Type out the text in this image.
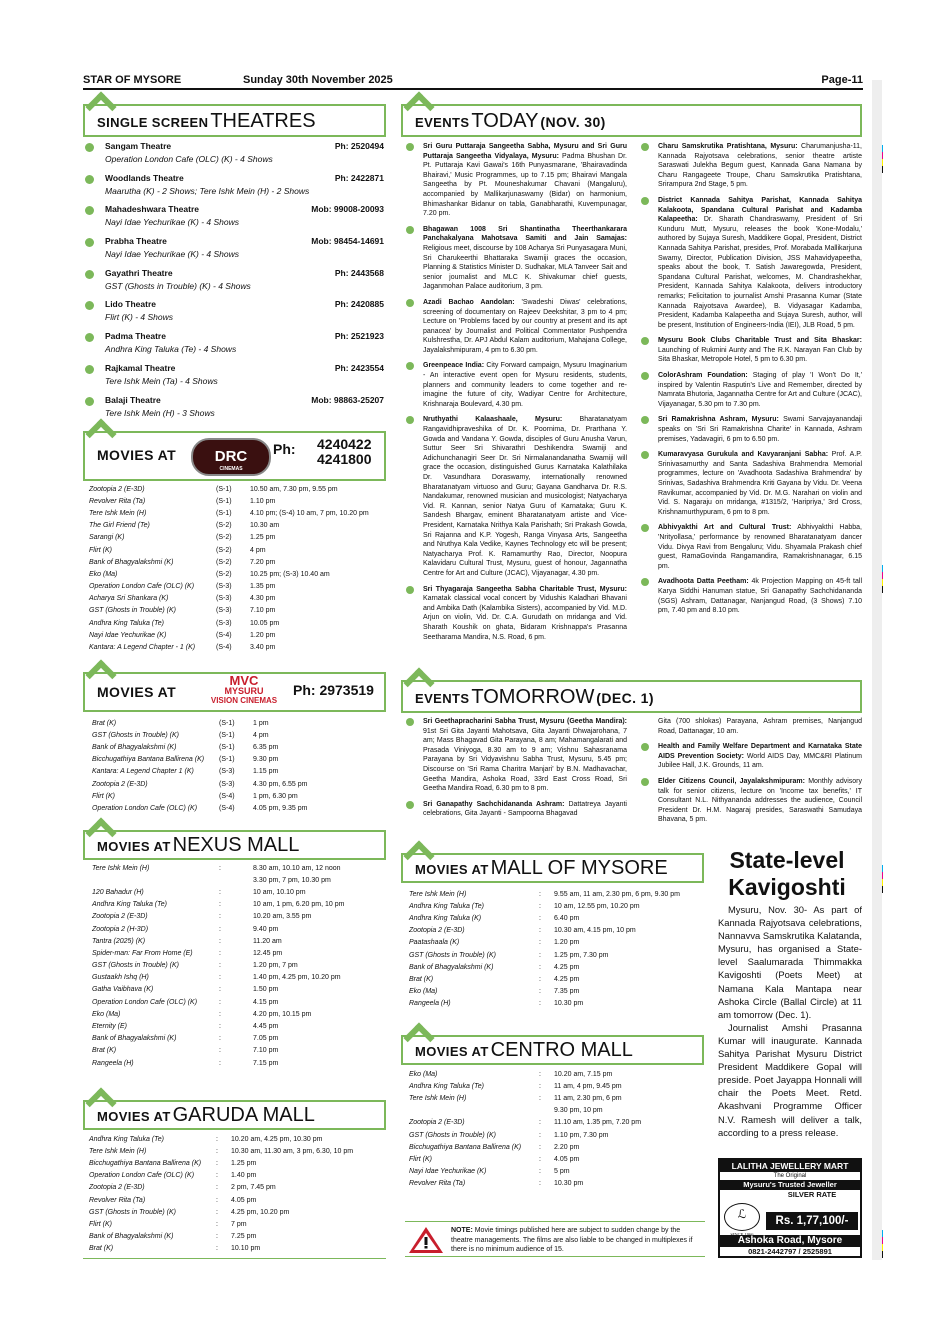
STAR OF MYSORE	Sunday 30th November 2025	Page-11
SINGLE SCREEN THEATRES
Sangam Theatre	Ph: 2520494
Operation London Cafe (OLC) (K) - 4 Shows
Woodlands Theatre	Ph: 2422871
Maarutha (K) - 2 Shows; Tere Ishk Mein (H) - 2 Shows
Mahadeshwara Theatre	Mob: 99008-20093
Nayi Idae Yechurikae (K) - 4 Shows
Prabha Theatre	Mob: 98454-14691
Nayi Idae Yechurikae (K) - 4 Shows
Gayathri Theatre	Ph: 2443568
GST (Ghosts in Trouble) (K) - 4 Shows
Lido Theatre	Ph: 2420885
Flirt (K) - 4 Shows
Padma Theatre	Ph: 2521923
Andhra King Taluka (Te) - 4 Shows
Rajkamal Theatre	Ph: 2423554
Tere Ishk Mein (Ta) - 4 Shows
Balaji Theatre	Mob: 98863-25207
Tere Ishk Mein (H) - 3 Shows
MOVIES AT	Ph: 4240422
4241800
DRC
CINEMAS
Zootopia 2 (E-3D)	(S-1)	10.50 am, 7.30 pm, 9.55 pm
Revolver Rita (Ta)	(S-1)	1.10 pm
Tere Ishk Mein (H)	(S-1)	4.10 pm; (S-4) 10 am, 7 pm, 10.20 pm
The Girl Friend (Te)	(S-2)	10.30 am
Sarangi (K)	(S-2)	1.25 pm
Flirt (K)	(S-2)	4 pm
Bank of Bhagyalakshmi (K)	(S-2)	7.20 pm
Eko (Ma)	(S-2)	10.25 pm; (S-3) 10.40 am
Operation London Cafe (OLC) (K)	(S-3)	1.35 pm
Acharya Sri Shankara (K)	(S-3)	4.30 pm
GST (Ghosts in Trouble) (K)	(S-3)	7.10 pm
Andhra King Taluka (Te)	(S-3)	10.05 pm
Nayi Idae Yechurikae (K)	(S-4)	1.20 pm
Kantara: A Legend Chapter - 1 (K)	(S-4)	3.40 pm
MOVIES AT
MVC
MYSURU
VISION CINEMAS
Ph: 2973519
Brat (K)	(S-1)	1 pm
GST (Ghosts in Trouble) (K)	(S-1)	4 pm
Bank of Bhagyalakshmi (K)	(S-1)	6.35 pm
Bicchugathiya Bantana Ballirena (K)	(S-1)	9.30 pm
Kantara: A Legend Chapter 1 (K)	(S-3)	1.15 pm
Zootopia 2 (E-3D)	(S-3)	4.30 pm, 6.55 pm
Flirt (K)	(S-4)	1 pm, 6.30 pm
Operation London Cafe (OLC) (K)	(S-4)	4.05 pm, 9.35 pm
MOVIES AT NEXUS MALL
Tere Ishk Mein (H)	:	8.30 am, 10.10 am, 12 noon
		3.30 pm, 7 pm, 10.30 pm
120 Bahadur (H)	:	10 am, 10.10 pm
Andhra King Taluka (Te)	:	10 am, 1 pm, 6.20 pm, 10 pm
Zootopia 2 (E-3D)	:	10.20 am, 3.55 pm
Zootopia 2 (H-3D)	:	9.40 pm
Tantra (2025) (K)	:	11.20 am
Spider-man: Far From Home (E)	:	12.45 pm
GST (Ghosts in Trouble) (K)	:	1.20 pm, 7 pm
Gustaakh Ishq (H)	:	1.40 pm, 4.25 pm, 10.20 pm
Gatha Vaibhava (K)	:	1.50 pm
Operation London Cafe (OLC) (K)	:	4.15 pm
Eko (Ma)	:	4.20 pm, 10.15 pm
Eternity (E)	:	4.45 pm
Bank of Bhagyalakshmi (K)	:	7.05 pm
Brat (K)	:	7.10 pm
Rangeela (H)	:	7.15 pm
MOVIES AT GARUDA MALL
Andhra King Taluka (Te)	:	10.20 am, 4.25 pm, 10.30 pm
Tere Ishk Mein (H)	:	10.30 am, 11.30 am, 3 pm, 6.30, 10 pm
Bicchugathiya Bantana Ballirena (K)	:	1.25 pm
Operation London Cafe (OLC) (K)	:	1.40 pm
Zootopia 2 (E-3D)	:	2 pm, 7.45 pm
Revolver Rita (Ta)	:	4.05 pm
GST (Ghosts in Trouble) (K)	:	4.25 pm, 10.20 pm
Flirt (K)	:	7 pm
Bank of Bhagyalakshmi (K)	:	7.25 pm
Brat (K)	:	10.10 pm
EVENTS TODAY (NOV. 30)
Sri Guru Puttaraja Sangeetha Sabha, Mysuru and Sri Guru Puttaraja Sangeetha Vidyalaya, Mysuru: Padma Bhushan Dr. Pt. Puttaraja Kavi Gawai's 16th Punyasmarane, 'Bhairavadinda Bhairavi,' Music Programmes, up to 7.15 pm; Bhairavi Mangala Sangeetha by Pt. Mouneshakumar Chavani (Mangaluru), accompanied by Mallikarjunaswamy (Bidar) on harmonium, Bhimashankar Bidanur on tabla, Ganabharathi, Kuvempunagar, 7.20 pm.
Bhagawan 1008 Sri Shantinatha Theerthankarara Panchakalyana Mahotsava Samiti and Jain Samajas: Religious meet, discourse by 108 Acharya Sri Punyasagara Muni, Sri Charukeerthi Bhattaraka Swamiji graces the occasion, Planning & Statistics Minister D. Sudhakar, MLA Tanveer Sait and senior journalist and MLC K. Shivakumar chief guests, Jaganmohan Palace auditorium, 3 pm.
Azadi Bachao Aandolan: 'Swadeshi Diwas' celebrations, screening of documentary on Rajeev Deekshitar, 3 pm to 4 pm; Lecture on 'Problems faced by our country at present and its apt panacea' by Journalist and Political Commentator Pushpendra Kulshrestha, Dr. APJ Abdul Kalam auditorium, Mahajana College, Jayalakshmipuram, 4 pm to 6.30 pm.
Greenpeace India: City Forward campaign, Mysuru Imaginarium - An interactive event open for Mysuru residents, students, planners and community leaders to come together and re-imagine the future of city, Wadiyar Centre for Architecture, Krishnaraja Boulevard, 4.30 pm.
Nruthyathi Kalaashaale, Mysuru: Bharatanatyam Rangavidhipraveshika of Dr. K. Poornima, Dr. Prarthana Y. Gowda and Vandana Y. Gowda, disciples of Guru Anusha Varun, Suttur Seer Sri Shivarathri Deshikendra Swamiji and Adichunchanagiri Seer Dr. Sri Nirmalanandanatha Swamiji will grace the occasion, distinguished Gurus Karnataka Kalathilaka Dr. Vasundhara Doraswamy, internationally renowned Bharatanatyam virtuoso and Guru; Gayana Gandharva Dr. R.S. Nandakumar, renowned musician and musicologist; Natyacharya Vid. R. Kannan, senior Natya Guru of Karnataka; Guru K. Sandesh Bhargav, eminent Bharatanatyam artiste and Vice-President, Karnataka Nrithya Kala Parishath; Sri Prakash Gowda, Sri Rajanna and K.P. Yogesh, Ranga Vinyasa Arts, Sangeetha and Nruthya Kala Vedike, Kaynes Technology etc will be present; Natyacharya Prof. K. Ramamurthy Rao, Director, Noopura Kalavidaru Cultural Trust, Mysuru, guest of honour, Jagannatha Centre for Art and Culture (JCAC), Vijayanagar, 4.30 pm.
Sri Thyagaraja Sangeetha Sabha Charitable Trust, Mysuru: Karnatak classical vocal concert by Vidushis Kaladhari Bhavani and Ambika Dath (Kalambika Sisters), accompanied by Vid. M.D. Arjun on violin, Vid. Dr. C.A. Gurudath on mridanga and Vid. Sharath Koushik on ghata, Bidaram Krishnappa's Prasanna Seetharama Mandira, N.S. Road, 6 pm.
Charu Samskrutika Pratishtana, Mysuru: Charumanjusha-11, Kannada Rajyotsava celebrations, senior theatre artiste Saraswati Julekha Begum guest, Kannada Gana Namana by Charu Rangageete Troupe, Charu Samskrutika Pratishtana, Srirampura 2nd Stage, 5 pm.
District Kannada Sahitya Parishat, Kannada Sahitya Kalakoota, Spandana Cultural Parishat and Kadamba Kalapeetha: Dr. Sharath Chandraswamy, President of Sri Kunduru Mutt, Mysuru, releases the book 'Kone-Modalu,' authored by Sujaya Suresh, Maddikere Gopal, President, District Kannada Sahitya Parishat, presides, Prof. Morabada Mallikarjuna Swamy, Director, Publication Division, JSS Mahavidyapeetha, speaks about the book, T. Satish Jawaregowda, President, Spandana Cultural Parishat, welcomes, M. Chandrashekhar, President, Kannada Sahitya Kalakoota, delivers introductory remarks; Felicitation to journalist Amshi Prasanna Kumar (State Kannada Rajyotsava Awardee), B. Vidyasagar Kadamba, President, Kadamba Kalapeetha and Sujaya Suresh, author, will be present, Institution of Engineers-India (IEI), JLB Road, 5 pm.
Mysuru Book Clubs Charitable Trust and Sita Bhaskar: Launching of Rukmini Aunty and The R.K. Narayan Fan Club by Sita Bhaskar, Metropole Hotel, 5 pm to 6.30 pm.
ColorAshram Foundation: Staging of play 'I Won't Do It,' inspired by Valentin Rasputin's Live and Remember, directed by Namrata Bhutoria, Jagannatha Centre for Art and Culture (JCAC), Vijayanagar, 5.30 pm to 7.30 pm.
Sri Ramakrishna Ashram, Mysuru: Swami Sarvajayanandaji speaks on 'Sri Sri Ramakrishna Charite' in Kannada, Ashram premises, Yadavagiri, 6 pm to 6.50 pm.
Kumaravyasa Gurukula and Kavyaranjani Sabha: Prof. A.P. Srinivasamurthy and Santa Sadashiva Brahmendra Memorial programmes, lecture on 'Avadhoota Sadashiva Brahmendra' by Srinivas, Sadashiva Brahmendra Kriti Gayana by Vidu. Dr. Veena Ravikumar, accompanied by Vid. Dr. M.G. Narahari on violin and Vid. S. Nagaraju on mridanga, #1315/2, 'Haripriya,' 3rd Cross, Krishnamurthypuram, 6 pm to 8 pm.
Abhivyakthi Art and Cultural Trust: Abhivyakthi Habba, 'Nrityollasa,' performance by renowned Bharatanatyam dancer Vidu. Divya Ravi from Bengaluru; Vidu. Shyamala Prakash chief guest, RamaGovinda Rangamandira, Ramakrishnanagar, 6.15 pm.
Avadhoota Datta Peetham: 4k Projection Mapping on 45-ft tall Karya Siddhi Hanuman statue, Sri Ganapathy Sachchidananda (SGS) Ashram, Dattanagar, Nanjangud Road, (3 Shows) 7.10 pm, 7.40 pm and 8.10 pm.
EVENTS TOMORROW (DEC. 1)
Sri Geethapracharini Sabha Trust, Mysuru (Geetha Mandira): 91st Sri Gita Jayanti Mahotsava, Gita Jayanti Dhwajarohana, 7 am; Mass Bhagavad Gita Parayana, 8 am; Mahamangalarati and Prasada Viniyoga, 8.30 am to 9 am; Vishnu Sahasranama Parayana by Sri Vidyavishnu Sabha Trust, Mysuru, 5.45 pm; Discourse on 'Sri Rama Charitra Manjari' by B.N. Madhavachar, Geetha Mandira, Ashoka Road, 33rd East Cross Road, Sri Geetha Mandira Road, 6.30 pm to 8 pm.
Sri Ganapathy Sachchidananda Ashram: Dattatreya Jayanti celebrations, Gita Jayanti - Sampoorna Bhagavad
Gita (700 shlokas) Parayana, Ashram premises, Nanjangud Road, Dattanagar, 10 am.
Health and Family Welfare Department and Karnataka State AIDS Prevention Society: World AIDS Day, MMC&RI Platinum Jubilee Hall, J.K. Grounds, 11 am.
Elder Citizens Council, Jayalakshmipuram: Monthly advisory talk for senior citizens, lecture on 'Income tax benefits,' IT Consultant N.L. Nithyananda addresses the audience, Council President Dr. H.M. Nagaraj presides, Saraswathi Samudaya Bhavana, 5 pm.
MOVIES AT MALL OF MYSORE
Tere Ishk Mein (H)	:	9.55 am, 11 am, 2.30 pm, 6 pm, 9.30 pm
Andhra King Taluka (Te)	:	10 am, 12.55 pm, 10.20 pm
Andhra King Taluka (K)	:	6.40 pm
Zootopia 2 (E-3D)	:	10.30 am, 4.15 pm, 10 pm
Paatashaala (K)	:	1.20 pm
GST (Ghosts in Trouble) (K)	:	1.25 pm, 7.30 pm
Bank of Bhagyalakshmi (K)	:	4.25 pm
Brat (K)	:	4.25 pm
Eko (Ma)	:	7.35 pm
Rangeela (H)	:	10.30 pm
MOVIES AT CENTRO MALL
Eko (Ma)	:	10.20 am, 7.15 pm
Andhra King Taluka (Te)	:	11 am, 4 pm, 9.45 pm
Tere Ishk Mein (H)	:	11 am, 2.30 pm, 6 pm
		9.30 pm, 10 pm
Zootopia 2 (E-3D)	:	11.10 am, 1.35 pm, 7.20 pm
GST (Ghosts in Trouble) (K)	:	1.10 pm, 7.30 pm
Bicchugathiya Bantana Ballirena (K)	:	2.20 pm
Flirt (K)	:	4.05 pm
Nayi Idae Yechurikae (K)	:	5 pm
Revolver Rita (Ta)	:	10.30 pm
NOTE: Movie timings published here are subject to sudden change by the theatre managements. The films are also liable to be changed in multiplexes if there is no minimum audience of 15.
State-level
Kavigoshti

Mysuru, Nov. 30- As part of Kannada Rajyotsava celebrations, Nannavva Samskrutika Kalatanda, Mysuru, has organised a State-level Saalumarada Thimmakka Kavigoshti (Poets Meet) at Namana Kala Mantapa near Ashoka Circle (Ballal Circle) at 11 am tomorrow (Dec. 1).

Journalist Amshi Prasanna Kumar will inaugurate. Kannada Sahitya Parishat Mysuru District President Maddikere Gopal will preside. Poet Jayappa Honnali will chair the Poets Meet. Retd. Akashvani Programme Officer N.V. Ramesh will deliver a talk, according to a press release.

LALITHA JEWELLERY MART
The Original
Mysuru's Trusted Jeweller
SILVER RATE
ℒ	Rs. 1,77,100/-
Ashoka Road, Mysore
0821-2442797 / 2525891
